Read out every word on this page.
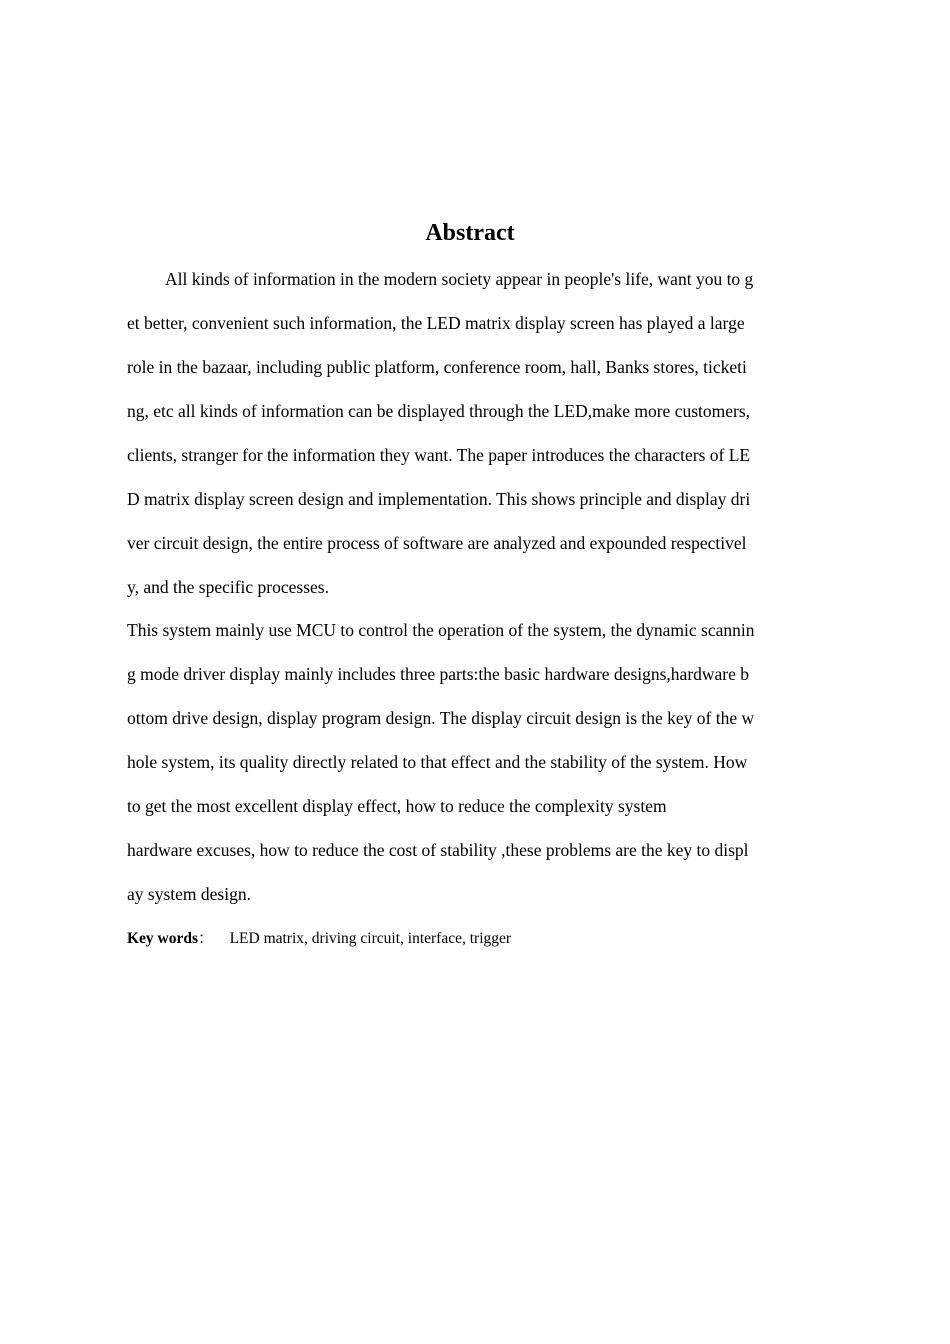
Abstract
All kinds of information in the modern society appear in people's life, want you to g
et better, convenient such information, the LED matrix display screen has played a large
role in the bazaar, including public platform, conference room, hall, Banks stores, ticketi
ng, etc all kinds of information can be displayed through the LED,make more customers,
clients, stranger for the information they want. The paper introduces the characters of LE
D matrix display screen design and implementation. This shows principle and display dri
ver circuit design, the entire process of software are analyzed and expounded respectivel
y, and the specific processes.
This system mainly use MCU to control the operation of the system, the dynamic scannin
g mode driver display mainly includes three parts:the basic hardware designs,hardware b
ottom drive design, display program design. The display circuit design is the key of the w
hole system, its quality directly related to that effect and the stability of the system. How
to get the most excellent display effect, how to reduce the complexity system
hardware excuses, how to reduce the cost of stability ,these problems are the key to displ
ay system design.
Key words： LED matrix, driving circuit, interface, trigger
